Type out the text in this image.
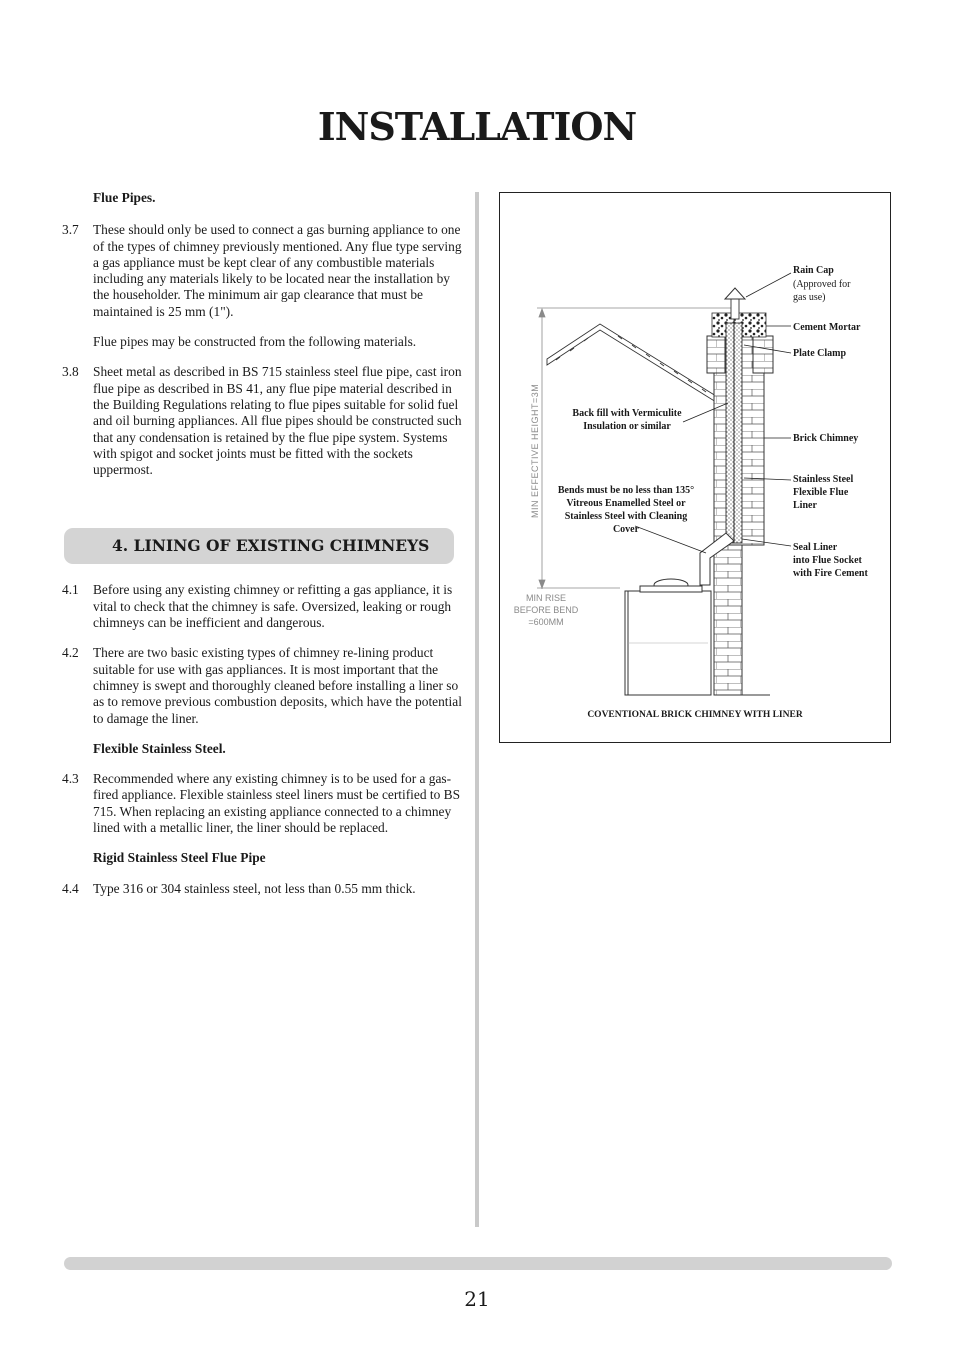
INSTALLATION
Flue Pipes.
3.7	These should only be used to connect a gas burning appliance to one of the types of chimney previously mentioned. Any flue type serving a gas appliance must be kept clear of any combustible materials including any materials likely to be located near the installation by the householder. The minimum air gap clearance that must be maintained is 25 mm (1").
Flue pipes may be constructed from the following materials.
3.8	Sheet metal as described in BS 715 stainless steel flue pipe, cast iron flue pipe as described in BS 41, any flue pipe material described in the Building Regulations relating to flue pipes suitable for solid fuel and oil burning appliances. All flue pipes should be constructed such that any condensation is retained by the flue pipe system. Systems with spigot and socket joints must be fitted with the sockets uppermost.
4. LINING OF EXISTING CHIMNEYS
4.1	Before using any existing chimney or refitting a gas appliance, it is vital to check that the chimney is safe. Oversized, leaking or rough chimneys can be inefficient and dangerous.
4.2	There are two basic existing types of chimney re-lining product suitable for use with gas appliances. It is most important that the chimney is swept and thoroughly cleaned before installing a liner so as to remove previous combustion deposits, which have the potential to damage the liner.
Flexible Stainless Steel.
4.3	Recommended where any existing chimney is to be used for a gas-fired appliance. Flexible stainless steel liners must be certified to BS 715. When replacing an existing appliance connected to a chimney lined with a metallic liner, the liner should be replaced.
Rigid Stainless Steel Flue Pipe
4.4	Type 316 or 304 stainless steel, not less than 0.55 mm thick.
Rain Cap
(Approved for
gas use)
Cement Mortar
Plate Clamp
Back fill with Vermiculite
Insulation or similar
Brick Chimney
Stainless Steel
Flexible Flue
Liner
Bends must be no less than 135°
Vitreous Enamelled Steel or
Stainless Steel with Cleaning
Cover
Seal Liner
into Flue Socket
with Fire Cement
MIN EFFECTIVE HEIGHT=3M
MIN RISE
BEFORE BEND
=600MM
COVENTIONAL BRICK CHIMNEY WITH LINER
21
